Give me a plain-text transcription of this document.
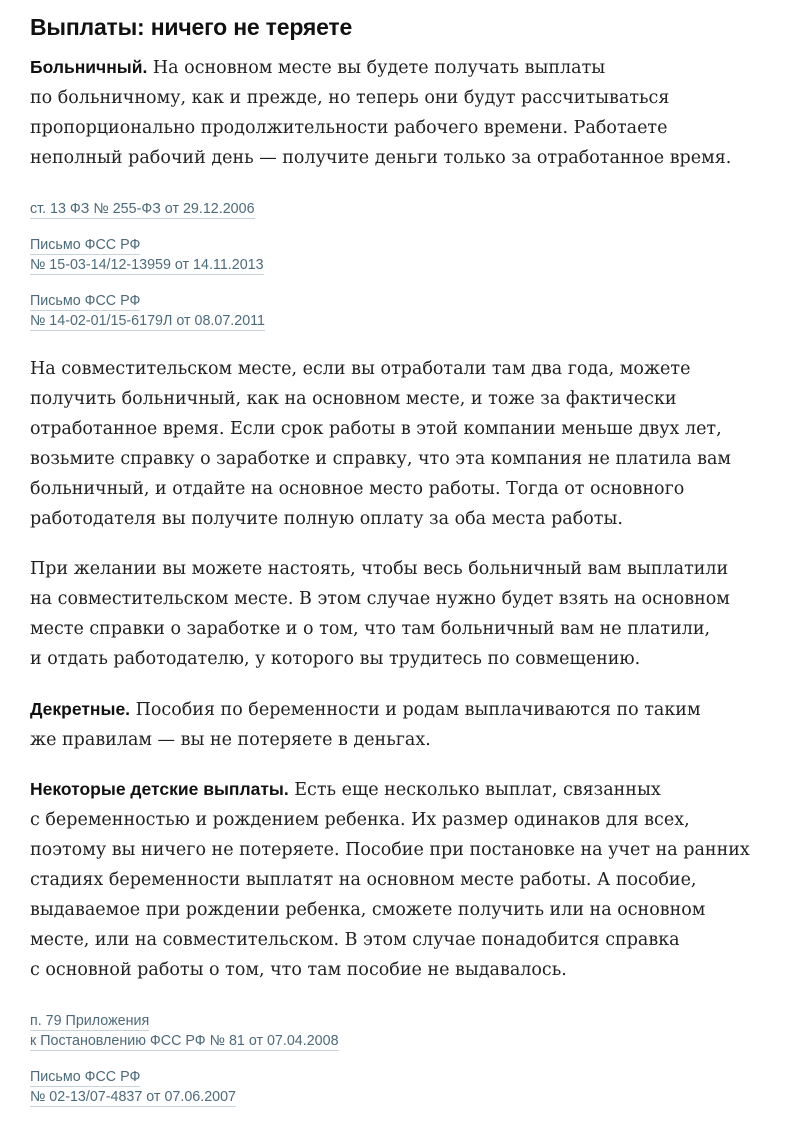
Выплаты: ничего не теряете

Больничный. На основном месте вы будете получать выплаты
по больничному, как и прежде, но теперь они будут рассчитываться
пропорционально продолжительности рабочего времени. Работаете
неполный рабочий день — получите деньги только за отработанное время.

ст. 13 ФЗ № 255-ФЗ от 29.12.2006
Письмо ФСС РФ
№ 15-03-14/12-13959 от 14.11.2013
Письмо ФСС РФ
№ 14-02-01/15-6179Л от 08.07.2011

На совместительском месте, если вы отработали там два года, можете
получить больничный, как на основном месте, и тоже за фактически
отработанное время. Если срок работы в этой компании меньше двух лет,
возьмите справку о заработке и справку, что эта компания не платила вам
больничный, и отдайте на основное место работы. Тогда от основного
работодателя вы получите полную оплату за оба места работы.

При желании вы можете настоять, чтобы весь больничный вам выплатили
на совместительском месте. В этом случае нужно будет взять на основном
месте справки о заработке и о том, что там больничный вам не платили,
и отдать работодателю, у которого вы трудитесь по совмещению.

Декретные. Пособия по беременности и родам выплачиваются по таким
же правилам — вы не потеряете в деньгах.

Некоторые детские выплаты. Есть еще несколько выплат, связанных
с беременностью и рождением ребенка. Их размер одинаков для всех,
поэтому вы ничего не потеряете. Пособие при постановке на учет на ранних
стадиях беременности выплатят на основном месте работы. А пособие,
выдаваемое при рождении ребенка, сможете получить или на основном
месте, или на совместительском. В этом случае понадобится справка
с основной работы о том, что там пособие не выдавалось.

п. 79 Приложения
к Постановлению ФСС РФ № 81 от 07.04.2008
Письмо ФСС РФ
№ 02-13/07-4837 от 07.06.2007
